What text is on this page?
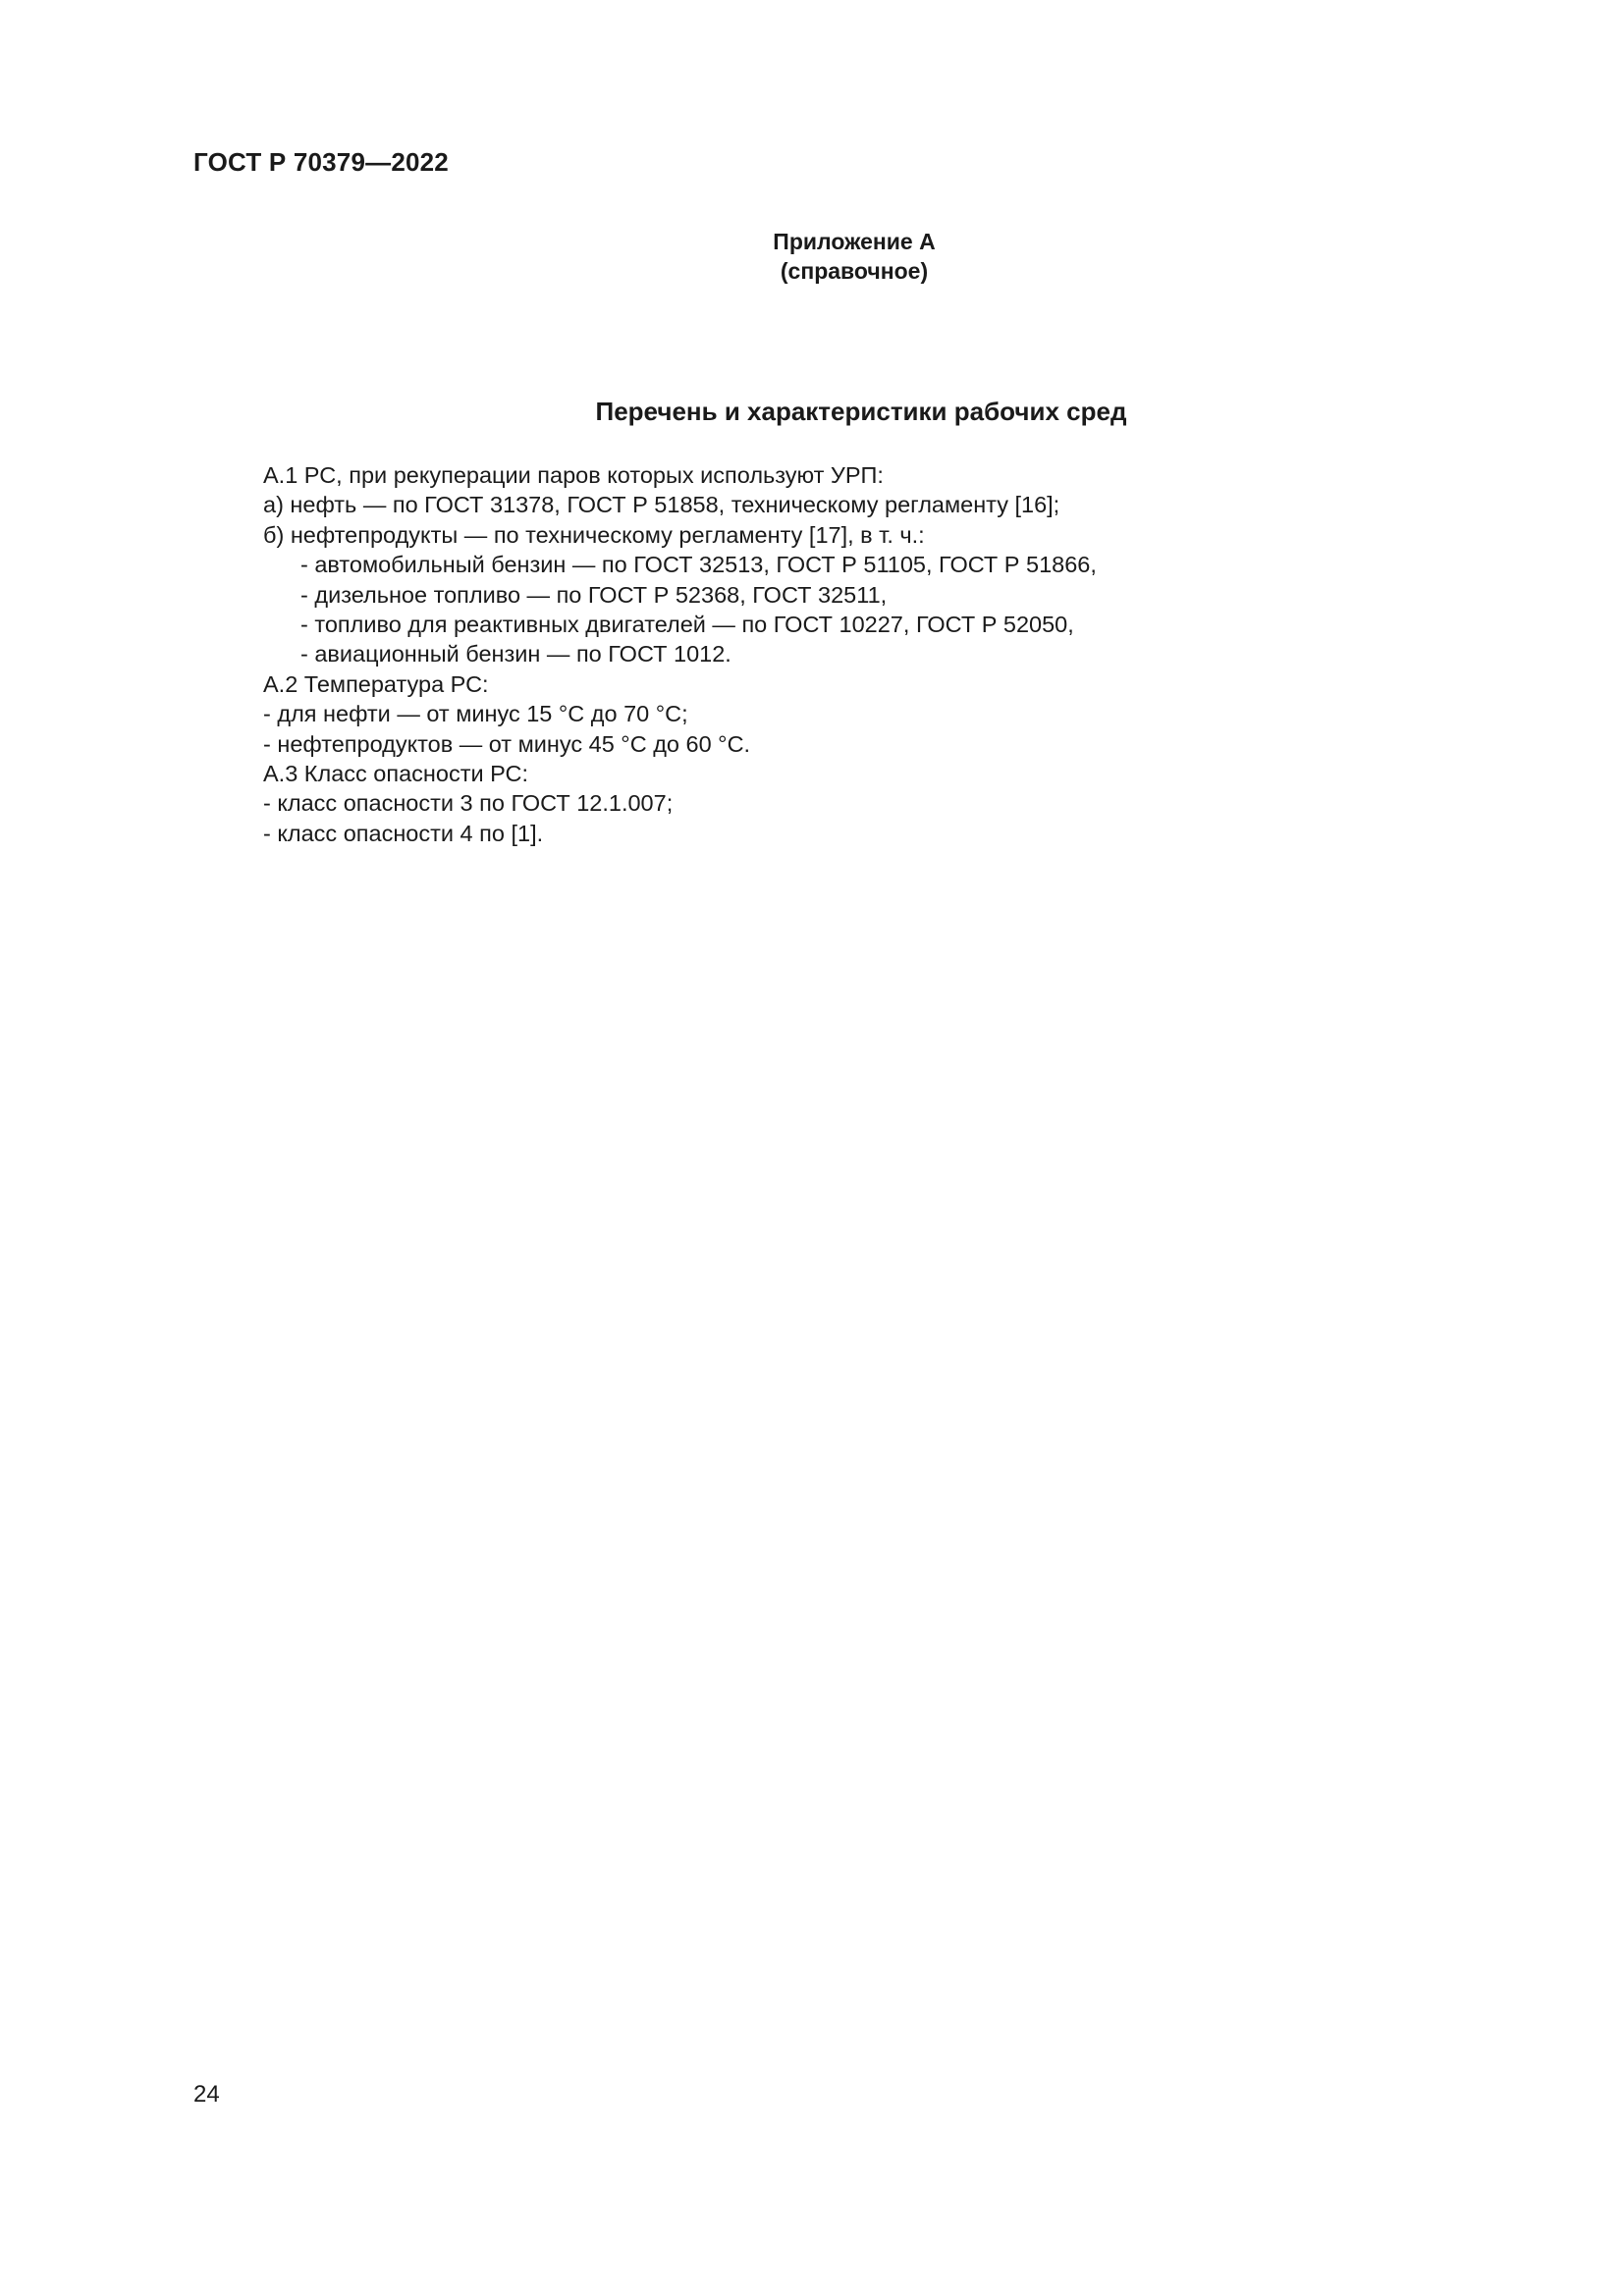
ГОСТ Р 70379—2022
Приложение А
(справочное)
Перечень и характеристики рабочих сред
А.1 РС, при рекуперации паров которых используют УРП:
а) нефть — по ГОСТ 31378, ГОСТ Р 51858, техническому регламенту [16];
б) нефтепродукты — по техническому регламенту [17], в т. ч.:
- автомобильный бензин — по ГОСТ 32513, ГОСТ Р 51105, ГОСТ Р 51866,
- дизельное топливо — по ГОСТ Р 52368, ГОСТ 32511,
- топливо для реактивных двигателей — по ГОСТ 10227, ГОСТ Р 52050,
- авиационный бензин — по ГОСТ 1012.
А.2 Температура РС:
- для нефти — от минус 15 °С до 70 °С;
- нефтепродуктов — от минус 45 °С до 60 °С.
А.3 Класс опасности РС:
- класс опасности 3 по ГОСТ 12.1.007;
- класс опасности 4 по [1].
24
